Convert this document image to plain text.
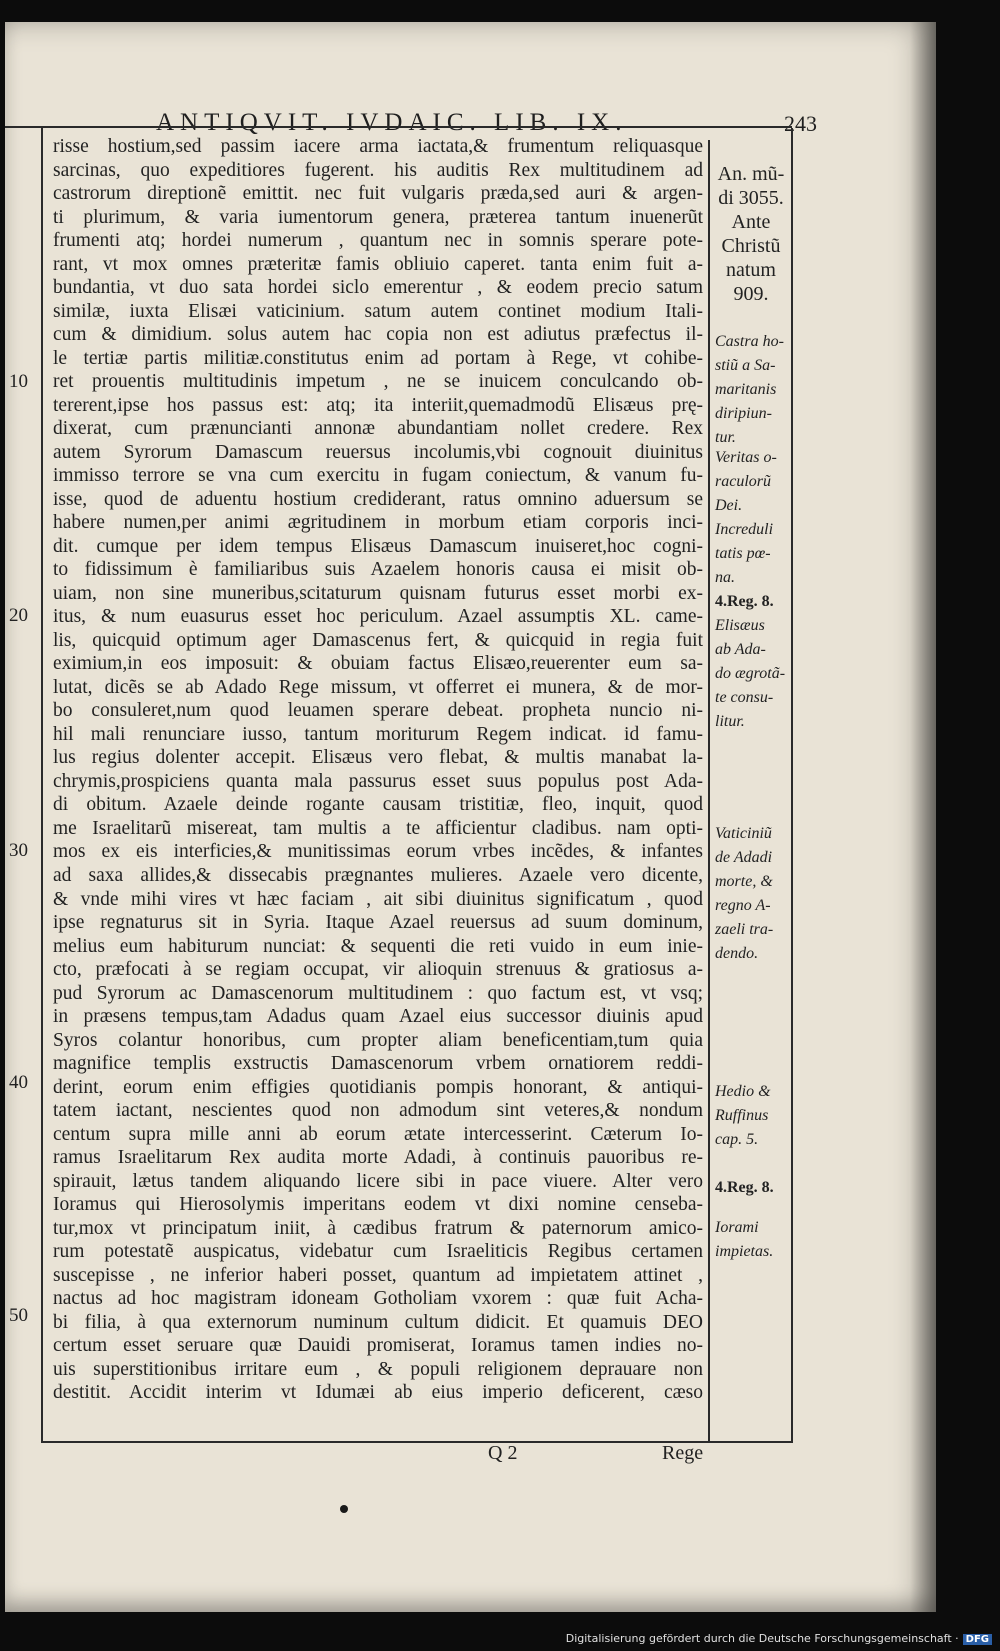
ANTIQVIT. IVDAIC. LIB. IX.	243
10
20
30
40
50
risse hostium,sed passim iacere arma iactata,& frumentum reliquasque
sarcinas, quo expeditiores fugerent. his auditis Rex multitudinem ad
castrorum direptionẽ emittit. nec fuit vulgaris præda,sed auri & argen-
ti plurimum, & varia iumentorum genera, præterea tantum inuenerũt
frumenti atq; hordei numerum , quantum nec in somnis sperare pote-
rant, vt mox omnes præteritæ famis obliuio caperet. tanta enim fuit a-
bundantia, vt duo sata hordei siclo emerentur , & eodem precio satum
similæ, iuxta Elisæi vaticinium. satum autem continet modium Itali-
cum & dimidium. solus autem hac copia non est adiutus præfectus il-
le tertiæ partis militiæ.constitutus enim ad portam à Rege, vt cohibe-
ret prouentis multitudinis impetum , ne se inuicem conculcando ob-
tererent,ipse hos passus est: atq; ita interiit,quemadmodũ Elisæus prę-
dixerat, cum prænuncianti annonæ abundantiam nollet credere. Rex
autem Syrorum Damascum reuersus incolumis,vbi cognouit diuinitus
immisso terrore se vna cum exercitu in fugam coniectum, & vanum fu-
isse, quod de aduentu hostium crediderant, ratus omnino aduersum se
habere numen,per animi ægritudinem in morbum etiam corporis inci-
dit. cumque per idem tempus Elisæus Damascum inuiseret,hoc cogni-
to fidissimum è familiaribus suis Azaelem honoris causa ei misit ob-
uiam, non sine muneribus,scitaturum quisnam futurus esset morbi ex-
itus, & num euasurus esset hoc periculum. Azael assumptis XL. came-
lis, quicquid optimum ager Damascenus fert, & quicquid in regia fuit
eximium,in eos imposuit: & obuiam factus Elisæo,reuerenter eum sa-
lutat, dicẽs se ab Adado Rege missum, vt offerret ei munera, & de mor-
bo consuleret,num quod leuamen sperare debeat. propheta nuncio ni-
hil mali renunciare iusso, tantum moriturum Regem indicat. id famu-
lus regius dolenter accepit. Elisæus vero flebat, & multis manabat la-
chrymis,prospiciens quanta mala passurus esset suus populus post Ada-
di obitum. Azaele deinde rogante causam tristitiæ, fleo, inquit, quod
me Israelitarũ misereat, tam multis a te afficientur cladibus. nam opti-
mos ex eis interficies,& munitissimas eorum vrbes incẽdes, & infantes
ad saxa allides,& dissecabis prægnantes mulieres. Azaele vero dicente,
& vnde mihi vires vt hæc faciam , ait sibi diuinitus significatum , quod
ipse regnaturus sit in Syria. Itaque Azael reuersus ad suum dominum,
melius eum habiturum nunciat: & sequenti die reti vuido in eum inie-
cto, præfocati à se regiam occupat, vir alioquin strenuus & gratiosus a-
pud Syrorum ac Damascenorum multitudinem : quo factum est, vt vsq;
in præsens tempus,tam Adadus quam Azael eius successor diuinis apud
Syros colantur honoribus, cum propter aliam beneficentiam,tum quia
magnifice templis exstructis Damascenorum vrbem ornatiorem reddi-
derint, eorum enim effigies quotidianis pompis honorant, & antiqui-
tatem iactant, nescientes quod non admodum sint veteres,& nondum
centum supra mille anni ab eorum ætate intercesserint. Cæterum Io-
ramus Israelitarum Rex audita morte Adadi, à continuis pauoribus re-
spirauit, lætus tandem aliquando licere sibi in pace viuere. Alter vero
Ioramus qui Hierosolymis imperitans eodem vt dixi nomine censeba-
tur,mox vt principatum iniit, à cædibus fratrum & paternorum amico-
rum potestatẽ auspicatus, videbatur cum Israeliticis Regibus certamen
suscepisse , ne inferior haberi posset, quantum ad impietatem attinet ,
nactus ad hoc magistram idoneam Gotholiam vxorem : quæ fuit Acha-
bi filia, à qua externorum numinum cultum didicit. Et quamuis DEO
certum esset seruare quæ Dauidi promiserat, Ioramus tamen indies no-
uis superstitionibus irritare eum , & populi religionem deprauare non
destitit. Accidit interim vt Idumæi ab eius imperio deficerent, cæso
An. mũ-
di 3055.
Ante
Christũ
natum
909.
Castra ho-
stiũ a Sa-
maritanis
diripiun-
tur.
Veritas o-
raculorũ
Dei.
Increduli
tatis pœ-
na.
4.Reg. 8.
Elisæus
ab Ada-
do ægrotã-
te consu-
litur.
Vaticiniũ
de Adadi
morte, &
regno A-
zaeli tra-
dendo.
Hedio &
Ruffinus
cap. 5.
4.Reg. 8.
Iorami
impietas.
Q 2	Rege
Digitalisierung gefördert durch die Deutsche Forschungsgemeinschaft · DFG
